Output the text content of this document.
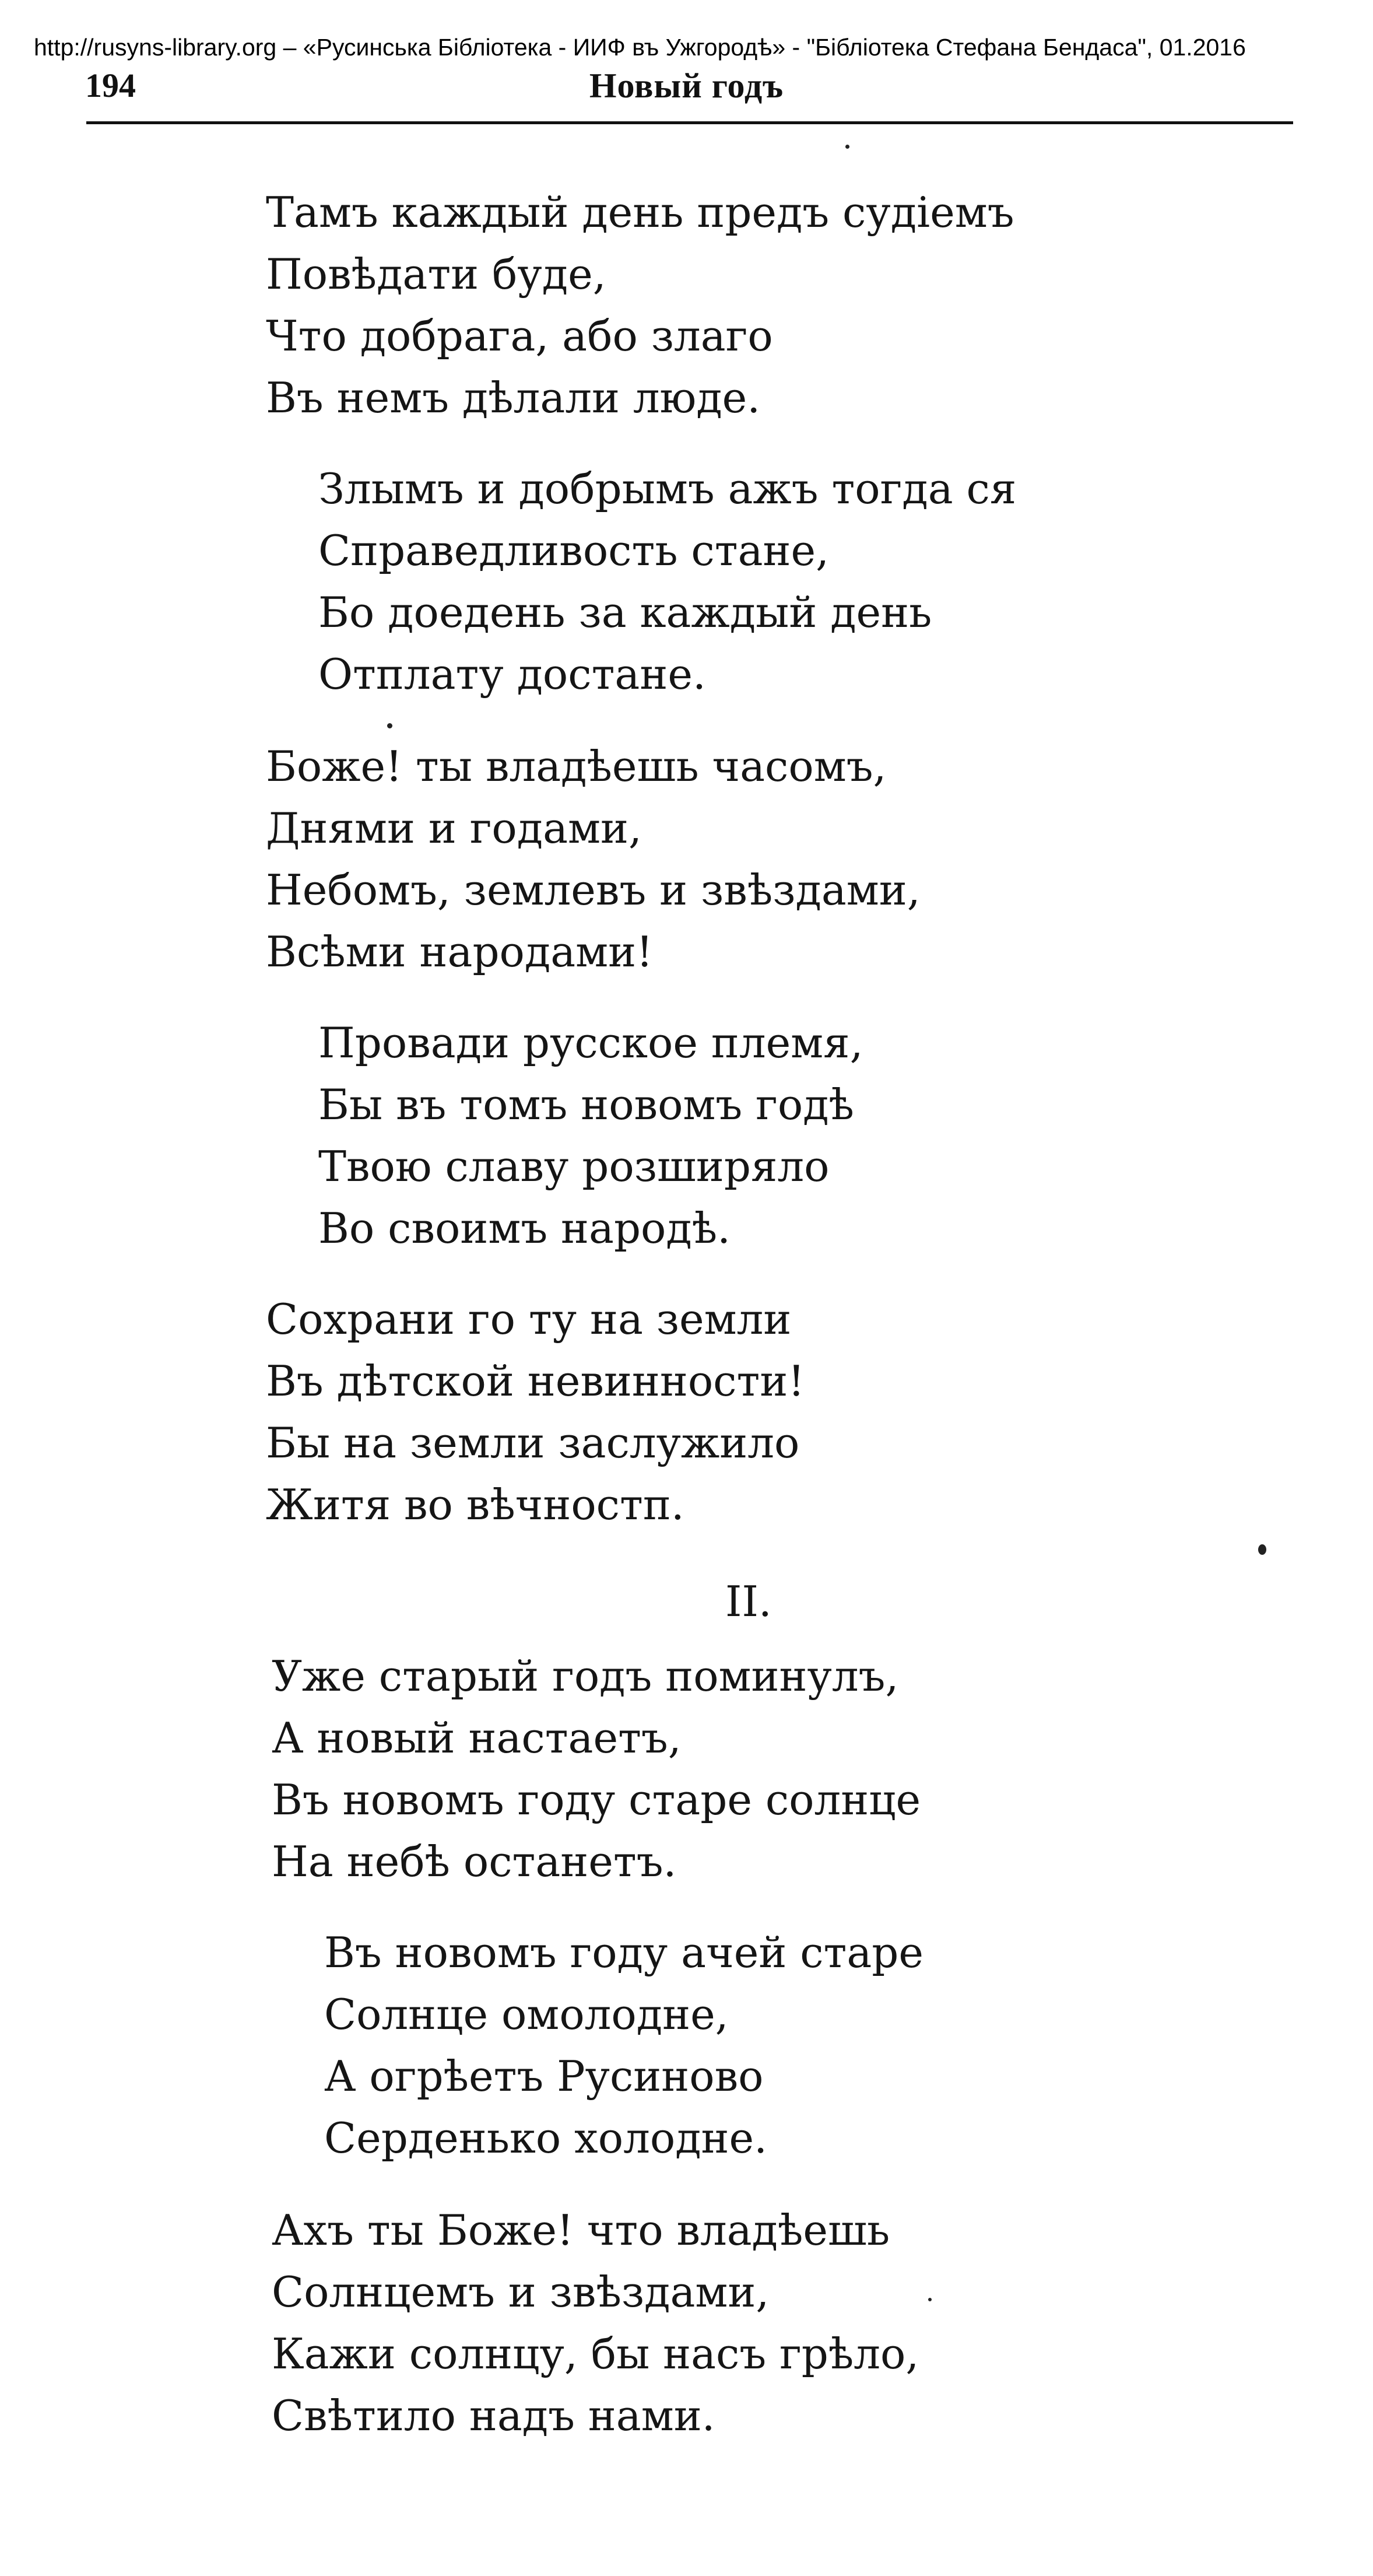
http://rusyns-library.org – «Русинська Бібліотека - ИИФ въ Ужгородѣ» - "Бібліотека Стефана Бендаса", 01.2016
194	Новый годъ
Тамъ каждый день предъ судіемъ
Повѣдати буде,
Что добрага, або злаго
Въ немъ дѣлали люде.
Злымъ и добрымъ ажъ тогда ся
Справедливость стане,
Бо доедень за каждый день
Отплату достане.
Боже! ты владѣешь часомъ,
Днями и годами,
Небомъ, землевъ и звѣздами,
Всѣми народами!
Провади русское племя,
Бы въ томъ новомъ годѣ
Твою славу розширяло
Во своимъ народѣ.
Сохрани го ту на земли
Въ дѣтской невинности!
Бы на земли заслужило
Житя во вѣчностп.
II.
Уже старый годъ поминулъ,
А новый настаетъ,
Въ новомъ году старе солнце
На небѣ останетъ.
Въ новомъ году ачей старе
Солнце омолодне,
А огрѣетъ Русиново
Серденько холодне.
Ахъ ты Боже! что владѣешь
Солнцемъ и звѣздами,
Кажи солнцу, бы насъ грѣло,
Свѣтило надъ нами.
